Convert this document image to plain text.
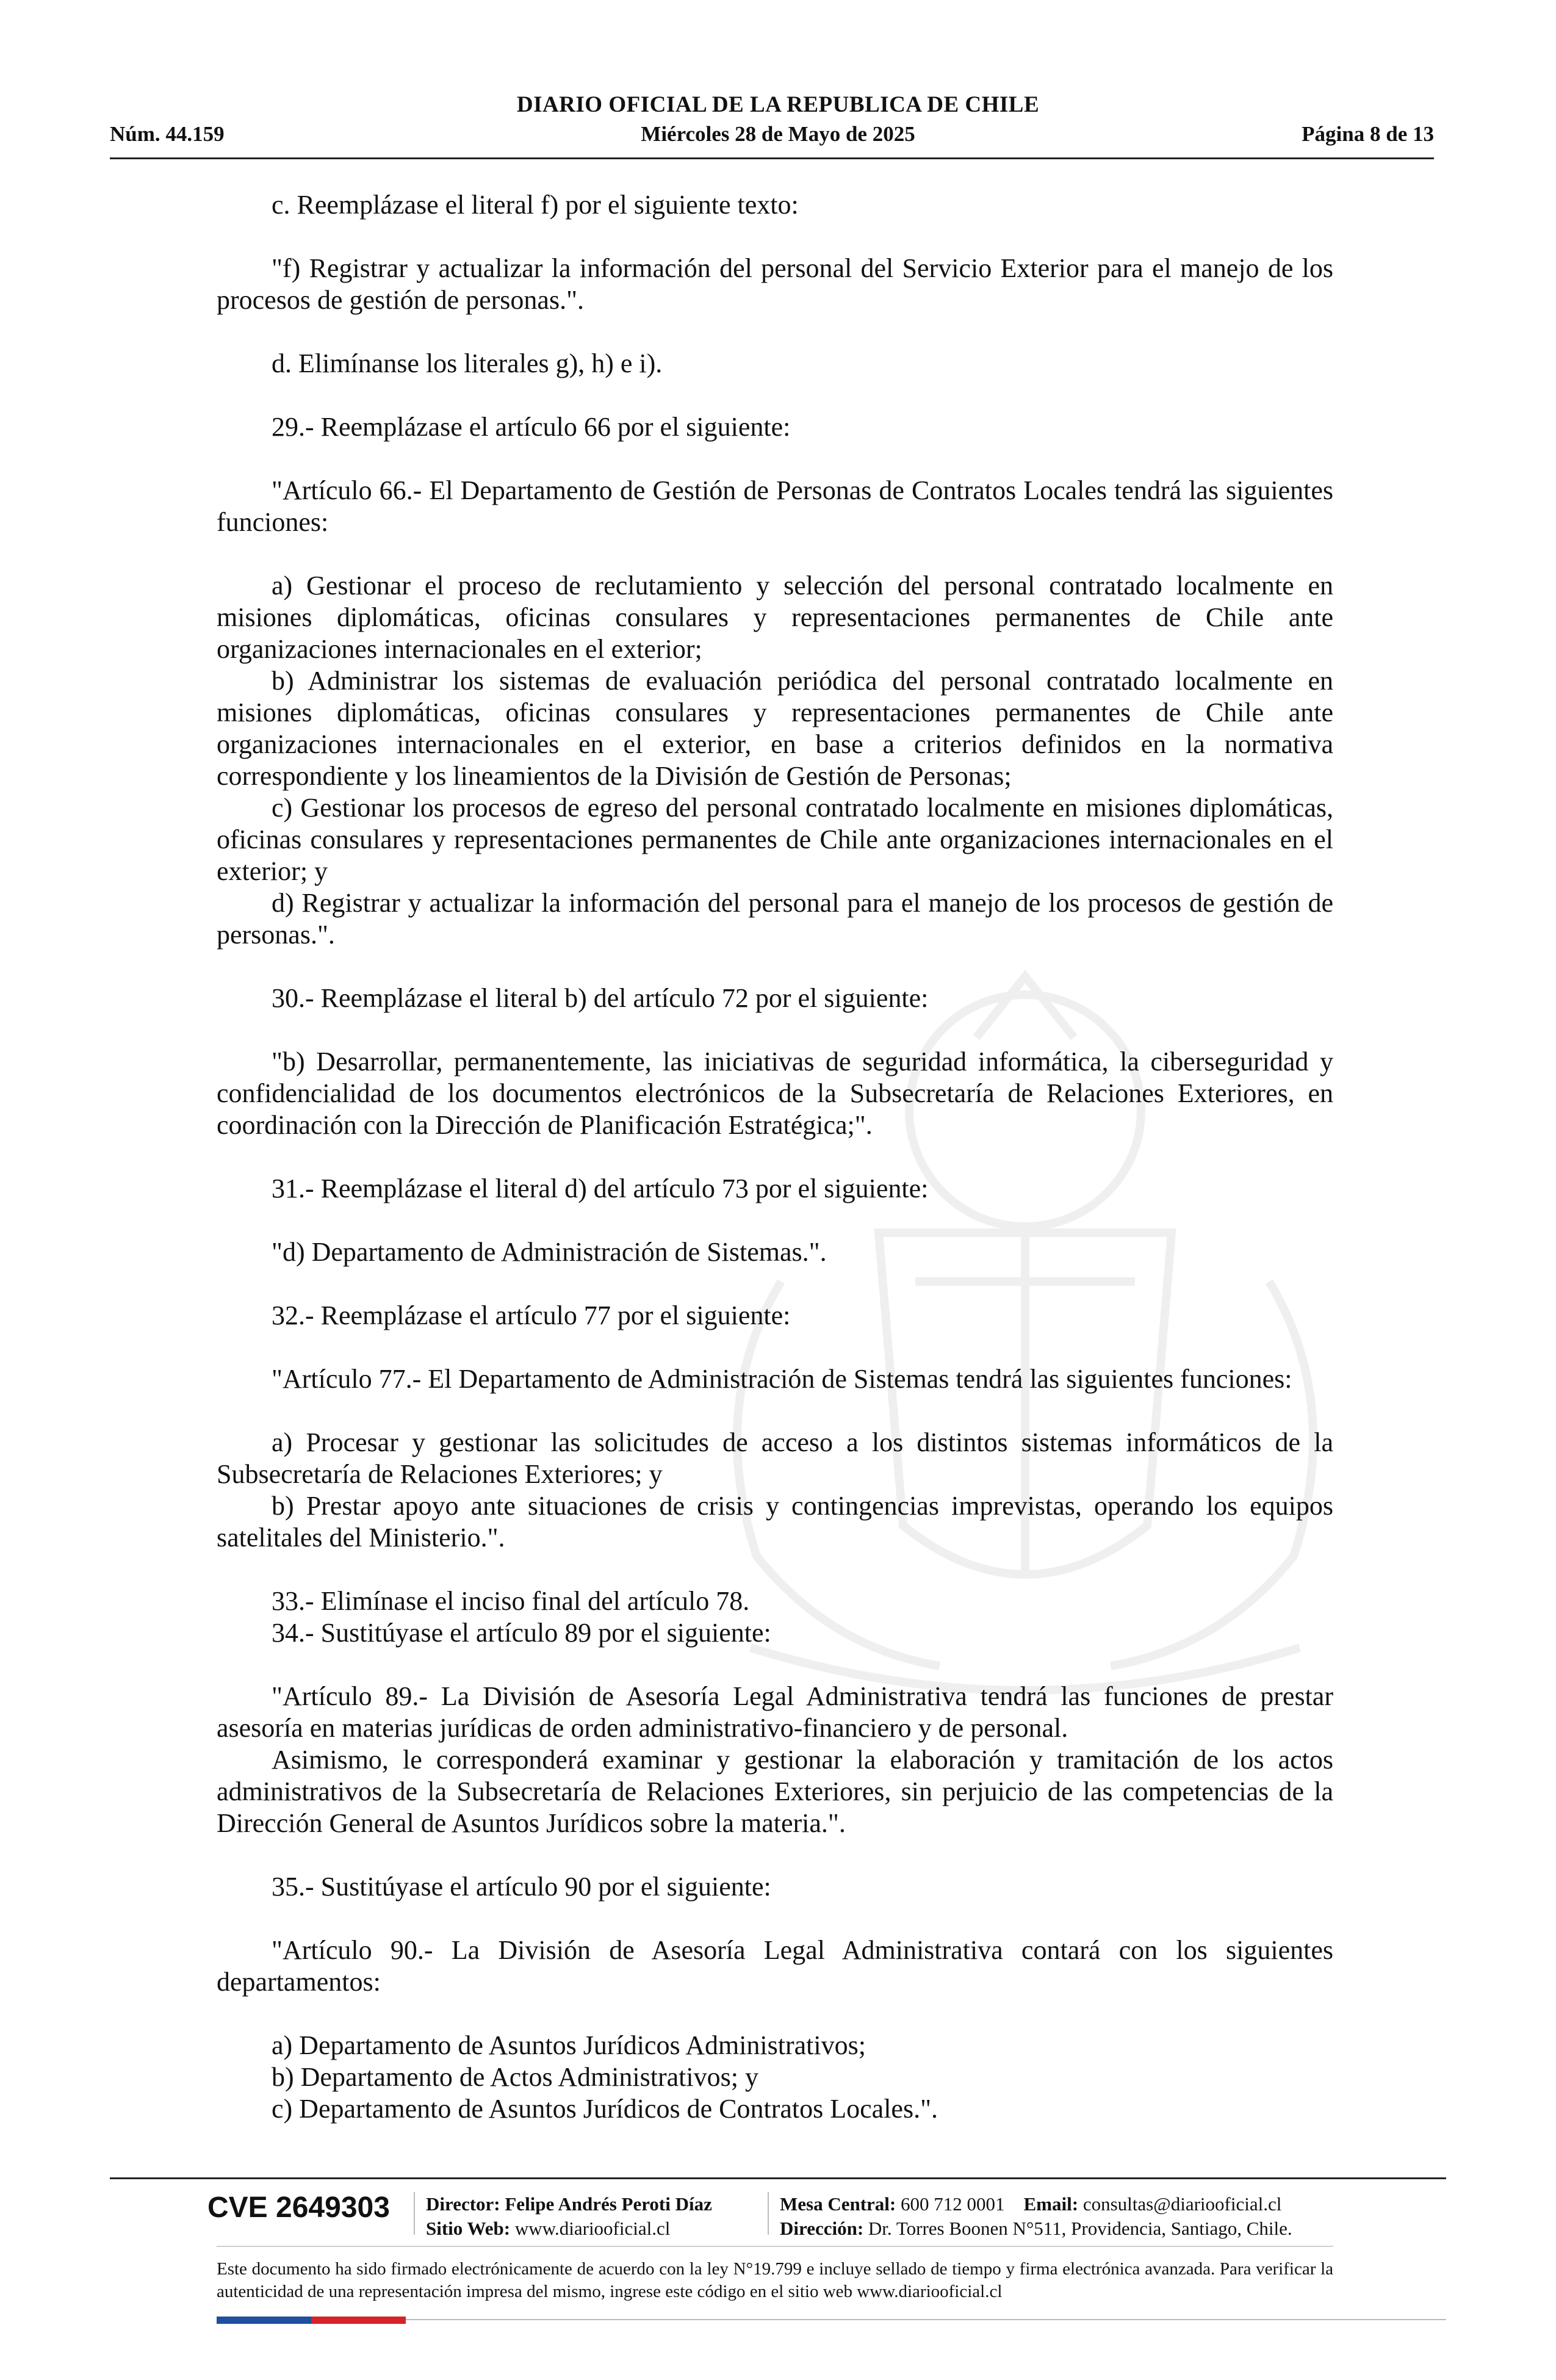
DIARIO OFICIAL DE LA REPUBLICA DE CHILE
Núm. 44.159	Miércoles 28 de Mayo de 2025	Página 8 de 13

c. Reemplázase el literal f) por el siguiente texto:

"f) Registrar y actualizar la información del personal del Servicio Exterior para el manejo de los procesos de gestión de personas.".

d. Elimínanse los literales g), h) e i).

29.- Reemplázase el artículo 66 por el siguiente:

"Artículo 66.- El Departamento de Gestión de Personas de Contratos Locales tendrá las siguientes funciones:

a) Gestionar el proceso de reclutamiento y selección del personal contratado localmente en misiones diplomáticas, oficinas consulares y representaciones permanentes de Chile ante organizaciones internacionales en el exterior;

b) Administrar los sistemas de evaluación periódica del personal contratado localmente en misiones diplomáticas, oficinas consulares y representaciones permanentes de Chile ante organizaciones internacionales en el exterior, en base a criterios definidos en la normativa correspondiente y los lineamientos de la División de Gestión de Personas;

c) Gestionar los procesos de egreso del personal contratado localmente en misiones diplomáticas, oficinas consulares y representaciones permanentes de Chile ante organizaciones internacionales en el exterior; y

d) Registrar y actualizar la información del personal para el manejo de los procesos de gestión de personas.".

30.- Reemplázase el literal b) del artículo 72 por el siguiente:

"b) Desarrollar, permanentemente, las iniciativas de seguridad informática, la ciberseguridad y confidencialidad de los documentos electrónicos de la Subsecretaría de Relaciones Exteriores, en coordinación con la Dirección de Planificación Estratégica;".

31.- Reemplázase el literal d) del artículo 73 por el siguiente:

"d) Departamento de Administración de Sistemas.".

32.- Reemplázase el artículo 77 por el siguiente:

"Artículo 77.- El Departamento de Administración de Sistemas tendrá las siguientes funciones:

a) Procesar y gestionar las solicitudes de acceso a los distintos sistemas informáticos de la Subsecretaría de Relaciones Exteriores; y

b) Prestar apoyo ante situaciones de crisis y contingencias imprevistas, operando los equipos satelitales del Ministerio.".

33.- Elimínase el inciso final del artículo 78.

34.- Sustitúyase el artículo 89 por el siguiente:

"Artículo 89.- La División de Asesoría Legal Administrativa tendrá las funciones de prestar asesoría en materias jurídicas de orden administrativo-financiero y de personal.

Asimismo, le corresponderá examinar y gestionar la elaboración y tramitación de los actos administrativos de la Subsecretaría de Relaciones Exteriores, sin perjuicio de las competencias de la Dirección General de Asuntos Jurídicos sobre la materia.".

35.- Sustitúyase el artículo 90 por el siguiente:

"Artículo 90.- La División de Asesoría Legal Administrativa contará con los siguientes departamentos:

a) Departamento de Asuntos Jurídicos Administrativos;

b) Departamento de Actos Administrativos; y

c) Departamento de Asuntos Jurídicos de Contratos Locales.".

CVE 2649303 Director: Felipe Andrés Peroti Díaz
Sitio Web: www.diariooficial.cl
Mesa Central: 600 712 0001 Email: consultas@diariooficial.cl
Dirección: Dr. Torres Boonen N°511, Providencia, Santiago, Chile.
Este documento ha sido firmado electrónicamente de acuerdo con la ley N°19.799 e incluye sellado de tiempo y firma electrónica avanzada. Para verificar la autenticidad de una representación impresa del mismo, ingrese este código en el sitio web www.diariooficial.cl
